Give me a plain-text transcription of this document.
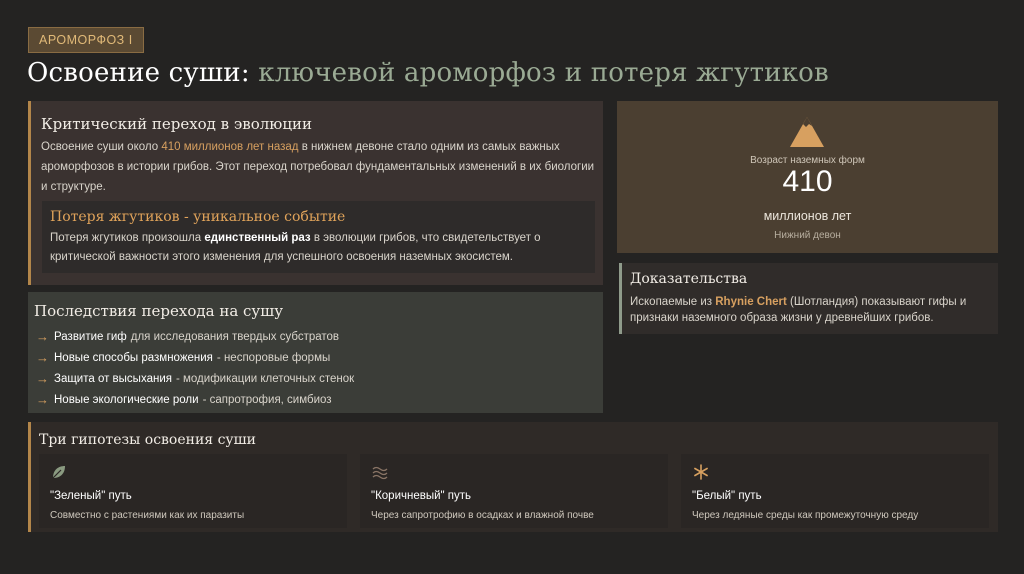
АРОМОРФОЗ I
Освоение суши: ключевой ароморфоз и потеря жгутиков
Критический переход в эволюции

Освоение суши около 410 миллионов лет назад в нижнем девоне стало одним из самых важных ароморфозов в истории грибов. Этот переход потребовал фундаментальных изменений в их биологии и структуре.

Потеря жгутиков - уникальное событие

Потеря жгутиков произошла единственный раз в эволюции грибов, что свидетельствует о критической важности этого изменения для успешного освоения наземных экосистем.

Последствия перехода на сушу
→ Развитие гиф для исследования твердых субстратов
→ Новые способы размножения - неспоровые формы
→ Защита от высыхания - модификации клеточных стенок
→ Новые экологические роли - сапротрофия, симбиоз
Возраст наземных форм
410
миллионов лет
Нижний девон
Доказательства

Ископаемые из Rhynie Chert (Шотландия) показывают гифы и признаки наземного образа жизни у древнейших грибов.

Три гипотезы освоения суши
"Зеленый" путь
Совместно с растениями как их паразиты
"Коричневый" путь
Через сапротрофию в осадках и влажной почве
"Белый" путь
Через ледяные среды как промежуточную среду
